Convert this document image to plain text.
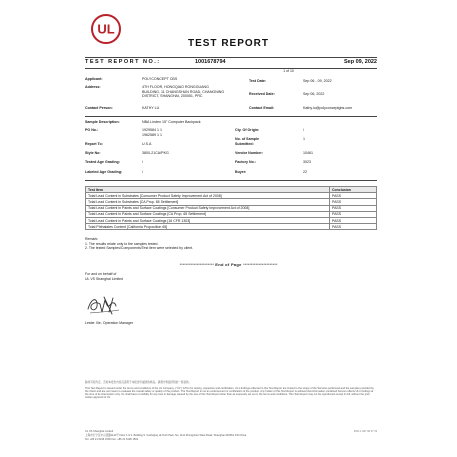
UL
TEST REPORT
TEST REPORT NO.:	1001678794	Sep 09, 2022
1 of 10
Applicant:	POLYCONCEPT CBS
Address:	4TH FLOOR, HONGQIAO RONGGUANG
BUILDING, 11 CHANGSHUN ROAD, CHANGNING
DISTRICT, SHANGHAI, 200051, PRC
Contact Person:	KATHY LU
Test Date:	Sep 06 - 09, 2022
Received Date:	Sep 06, 2022
Contact Email:	Kathy.lu@polyconceptgbs.com
Sample Description:	NBA Linden 15" Computer Backpack
PO No.:	1929584 1 1
1962589 1 1
Report To:	U.S.A
Style No:	3800-21CA/PKG
Tested Age Grading:	/
Labeled Age Grading:	/
Cty. Of Origin:	/
No. of Sample Submitted:
1
Vendor Number:	10461
Factory No.:	3023
Buyer:	22
Test Item	Conclusion
Total Lead Content in Substrates [Consumer Product Safety Improvement Act of 2008]	PASS
Total Lead Content in Substrates [CA Prop. 65 Settlement]	PASS
Total Lead Content in Paints and Surface Coatings [Consumer Product Safety Improvement Act of 2008]	PASS
Total Lead Content in Paints and Surface Coatings [CA Prop. 65 Settlement]	PASS
Total Lead Content in Paints and Surface Coatings [16 CFR 1303]	PASS
Total Phthalates Content [California Proposition 65]	PASS
Remark:
1. The results relate only to the samples tested.
2. The tested Samples/Components/Test item were selected by client.
********************** End of Page **********************
For and on behalf of
UL VS Shanghai Limited
Lester Xie- Operation Manager
除非另有约定，否则本报告内容仅适用于本报告所描述的样品。请遵守背面所附的一般条款。
This Test Report is issued under the terms and conditions of the UL Company. ("UL") GTCs for testing, inspection and certification. UL's findings reflected in this Test Report are limited to the scope of the Services performed and the samples provided by the Client and are not meant to evaluate the overall safety or quality of the product. The Test Report is not an endorsement or certification of the product. Any holder of this Test Report is advised that information contained hereon reflects UL's findings at the time of its intervention only. UL shall have no liability for any loss or damage caused by the use of this Test Report other than as expressly set out in the terms and conditions. This Test Report may not be reproduced except in full, without the prior written approval of UL.
UL VS Shanghai Limited
上海市长宁区中山西路1111号 Floor 1 & 2, Building 5, Caohejing Hi-Tech Park, No. 1111 Zhongshan West Road, Shanghai 200051 P.R.China
Tel: +86 21 6196 1500 Fax: +86 21 6196 1501
DOC 1 A07 06 07 19
